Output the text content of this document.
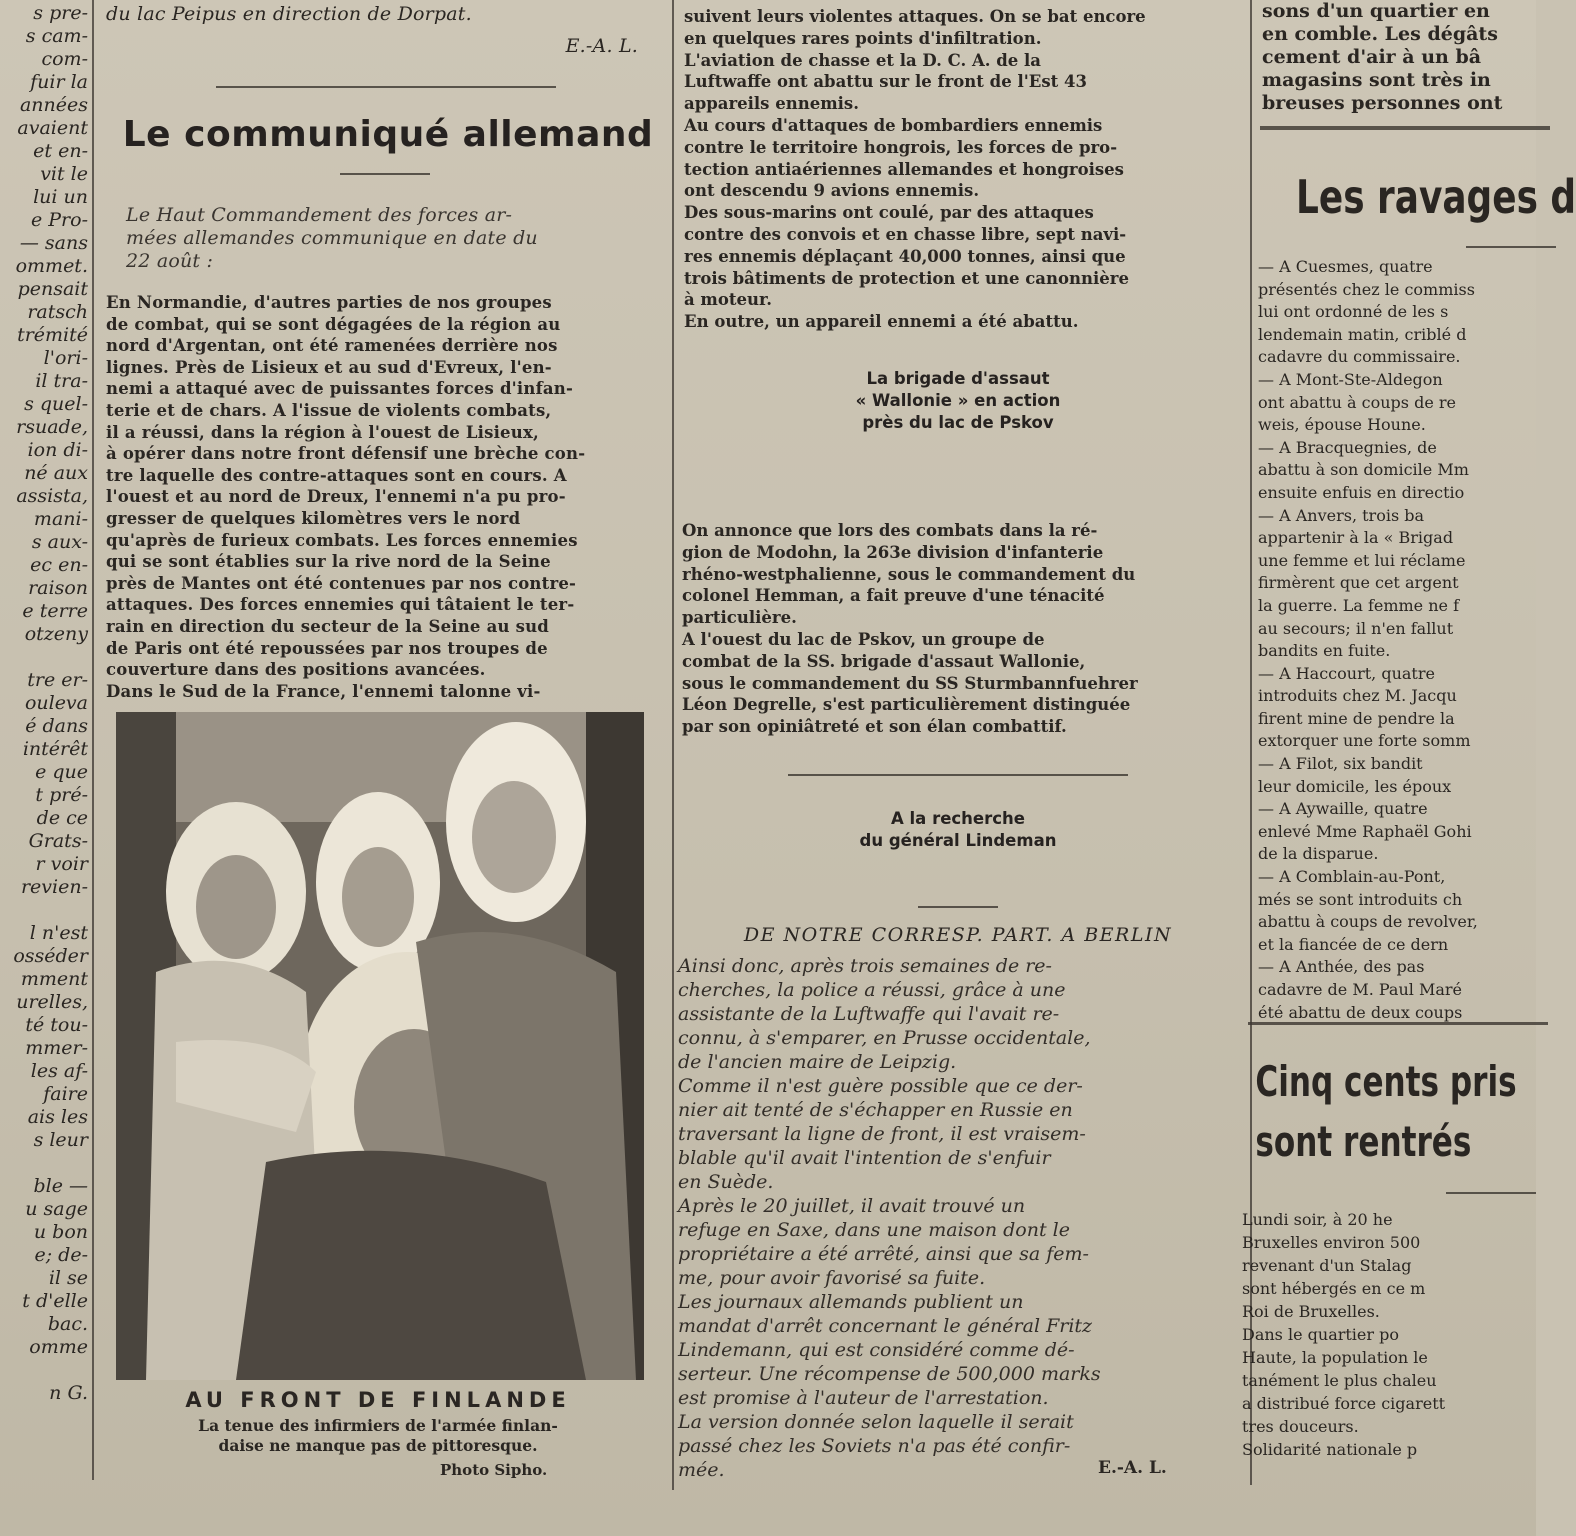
s pre-
s cam-
com-
fuir la
années
avaient
et en-
vit le
lui un
e Pro-
— sans
ommet.
pensait
ratsch
trémité
l'ori-
il tra-
s quel-
rsuade,
ion di-
né aux
assista,
mani-
s aux-
ec en-
raison
e terre
otzeny

tre er-
ouleva
é dans
intérêt
e que
t pré-
de ce
Grats-
r voir
revien-

l n'est
osséder
mment
urelles,
té tou-
mmer-
les af-
faire
ais les
s leur

ble —
u sage
u bon
e; de-
il se
t d'elle
bac.
omme

n G.
du lac Peipus en direction de Dorpat.
E.-A. L.
Le communiqué allemand
Le Haut Commandement des forces ar-
mées allemandes communique en date du
22 août :
En Normandie, d'autres parties de nos groupes
de combat, qui se sont dégagées de la région au
nord d'Argentan, ont été ramenées derrière nos
lignes. Près de Lisieux et au sud d'Evreux, l'en-
nemi a attaqué avec de puissantes forces d'infan-
terie et de chars. A l'issue de violents combats,
il a réussi, dans la région à l'ouest de Lisieux,
à opérer dans notre front défensif une brèche con-
tre laquelle des contre-attaques sont en cours. A
l'ouest et au nord de Dreux, l'ennemi n'a pu pro-
gresser de quelques kilomètres vers le nord
qu'après de furieux combats. Les forces ennemies
qui se sont établies sur la rive nord de la Seine
près de Mantes ont été contenues par nos contre-
attaques. Des forces ennemies qui tâtaient le ter-
rain en direction du secteur de la Seine au sud
de Paris ont été repoussées par nos troupes de
couverture dans des positions avancées.
Dans le Sud de la France, l'ennemi talonne vi-
AU FRONT DE FINLANDE
La tenue des infirmiers de l'armée finlan-
daise ne manque pas de pittoresque.
Photo Sipho.
suivent leurs violentes attaques. On se bat encore
en quelques rares points d'infiltration.
L'aviation de chasse et la D. C. A. de la
Luftwaffe ont abattu sur le front de l'Est 43
appareils ennemis.
Au cours d'attaques de bombardiers ennemis
contre le territoire hongrois, les forces de pro-
tection antiaériennes allemandes et hongroises
ont descendu 9 avions ennemis.
Des sous-marins ont coulé, par des attaques
contre des convois et en chasse libre, sept navi-
res ennemis déplaçant 40,000 tonnes, ainsi que
trois bâtiments de protection et une canonnière
à moteur.
En outre, un appareil ennemi a été abattu.
La brigade d'assaut
« Wallonie » en action
près du lac de Pskov
On annonce que lors des combats dans la ré-
gion de Modohn, la 263e division d'infanterie
rhéno-westphalienne, sous le commandement du
colonel Hemman, a fait preuve d'une ténacité
particulière.
A l'ouest du lac de Pskov, un groupe de
combat de la SS. brigade d'assaut Wallonie,
sous le commandement du SS Sturmbannfuehrer
Léon Degrelle, s'est particulièrement distinguée
par son opiniâtreté et son élan combattif.
A la recherche
du général Lindeman
DE NOTRE CORRESP. PART. A BERLIN
Ainsi donc, après trois semaines de re-
cherches, la police a réussi, grâce à une
assistante de la Luftwaffe qui l'avait re-
connu, à s'emparer, en Prusse occidentale,
de l'ancien maire de Leipzig.
Comme il n'est guère possible que ce der-
nier ait tenté de s'échapper en Russie en
traversant la ligne de front, il est vraisem-
blable qu'il avait l'intention de s'enfuir
en Suède.
Après le 20 juillet, il avait trouvé un
refuge en Saxe, dans une maison dont le
propriétaire a été arrêté, ainsi que sa fem-
me, pour avoir favorisé sa fuite.
Les journaux allemands publient un
mandat d'arrêt concernant le général Fritz
Lindemann, qui est considéré comme dé-
serteur. Une récompense de 500,000 marks
est promise à l'auteur de l'arrestation.
La version donnée selon laquelle il serait
passé chez les Soviets n'a pas été confir-
mée.	E.-A. L.
sons d'un quartier en
en comble. Les dégâts
cement d'air à un bâ
magasins sont très in
breuses personnes ont
Les ravages d
— A Cuesmes, quatre
présentés chez le commiss
lui ont ordonné de les s
lendemain matin, criblé d
cadavre du commissaire.
— A Mont-Ste-Aldegon
ont abattu à coups de re
weis, épouse Houne.
— A Bracquegnies, de
abattu à son domicile Mm
ensuite enfuis en directio
— A Anvers, trois ba
appartenir à la « Brigad
une femme et lui réclame
firmèrent que cet argent
la guerre. La femme ne f
au secours; il n'en fallut
bandits en fuite.
— A Haccourt, quatre
introduits chez M. Jacqu
firent mine de pendre la
extorquer une forte somm
— A Filot, six bandit
leur domicile, les époux
— A Aywaille, quatre
enlevé Mme Raphaël Gohi
de la disparue.
— A Comblain-au-Pont,
més se sont introduits ch
abattu à coups de revolver,
et la fiancée de ce dern
— A Anthée, des pas
cadavre de M. Paul Maré
été abattu de deux coups
Cinq cents pris
sont rentrés
Lundi soir, à 20 he
Bruxelles environ 500
revenant d'un Stalag
sont hébergés en ce m
Roi de Bruxelles.
Dans le quartier po
Haute, la population le
tanément le plus chaleu
a distribué force cigarett
tres douceurs.
Solidarité nationale p
